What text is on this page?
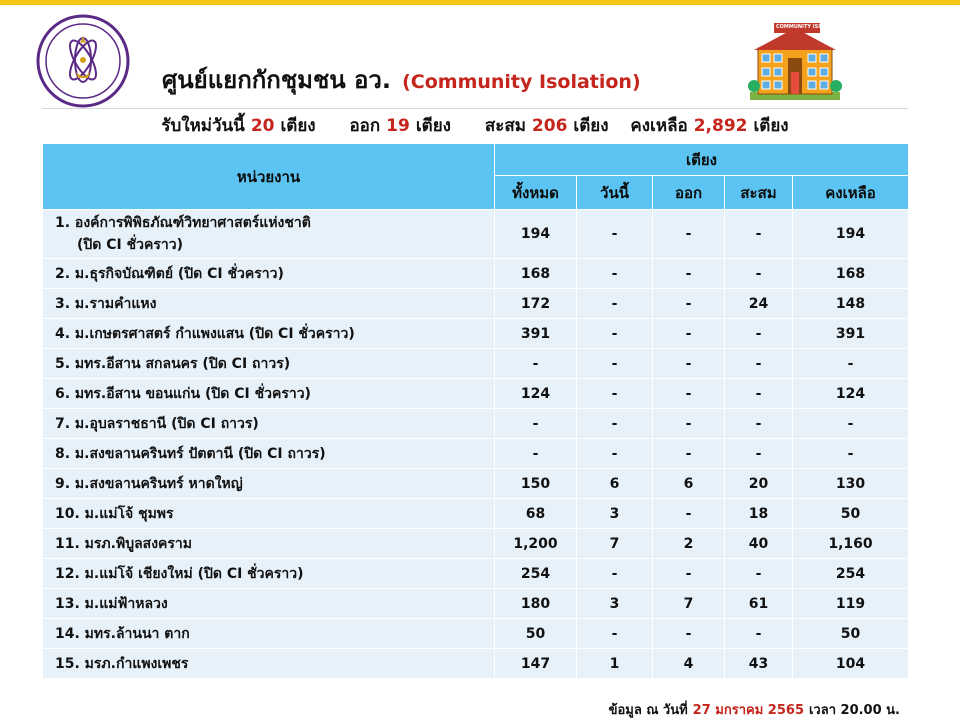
ศูนย์แยกกักชุมชน อว. (Community Isolation)
COMMUNITY ISOLATION
รับใหม่วันนี้ 20 เตียง ออก 19 เตียง สะสม 206 เตียง คงเหลือ 2,892 เตียง
หน่วยงาน	เตียง				
	ทั้งหมด	วันนี้	ออก	สะสม	คงเหลือ
1. องค์การพิพิธภัณฑ์วิทยาศาสตร์แห่งชาติ
(ปิด CI ชั่วคราว)	194	-	-	-	194
2. ม.ธุรกิจบัณฑิตย์ (ปิด CI ชั่วคราว)	168	-	-	-	168
3. ม.รามคำแหง	172	-	-	24	148
4. ม.เกษตรศาสตร์ กำแพงแสน (ปิด CI ชั่วคราว)	391	-	-	-	391
5. มทร.อีสาน สกลนคร (ปิด CI ถาวร)	-	-	-	-	-
6. มทร.อีสาน ขอนแก่น (ปิด CI ชั่วคราว)	124	-	-	-	124
7. ม.อุบลราชธานี (ปิด CI ถาวร)	-	-	-	-	-
8. ม.สงขลานครินทร์ ปัตตานี (ปิด CI ถาวร)	-	-	-	-	-
9. ม.สงขลานครินทร์ หาดใหญ่	150	6	6	20	130
10. ม.แม่โจ้ ชุมพร	68	3	-	18	50
11. มรภ.พิบูลสงคราม	1,200	7	2	40	1,160
12. ม.แม่โจ้ เชียงใหม่ (ปิด CI ชั่วคราว)	254	-	-	-	254
13. ม.แม่ฟ้าหลวง	180	3	7	61	119
14. มทร.ล้านนา ตาก	50	-	-	-	50
15. มรภ.กำแพงเพชร	147	1	4	43	104
ข้อมูล ณ วันที่ 27 มกราคม 2565 เวลา 20.00 น.
